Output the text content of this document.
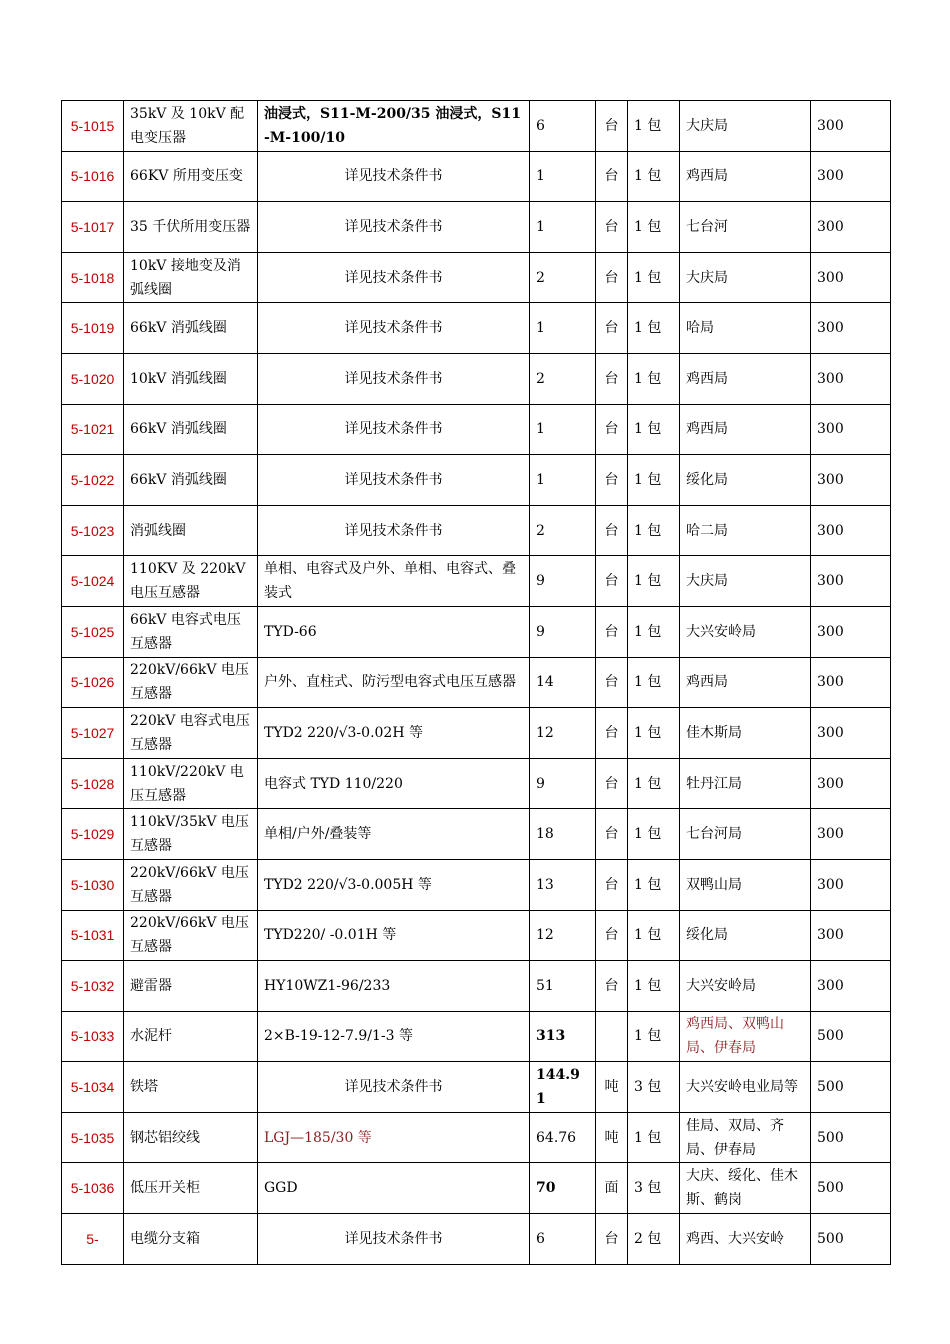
5-1015	35kV 及 10kV 配电变压器	油浸式，S11-M-200/35 油浸式，S11-M-100/10	6	台	1 包	大庆局	300
5-1016	66KV 所用变压变	详见技术条件书	1	台	1 包	鸡西局	300
5-1017	35 千伏所用变压器	详见技术条件书	1	台	1 包	七台河	300
5-1018	10kV 接地变及消弧线圈	详见技术条件书	2	台	1 包	大庆局	300
5-1019	66kV 消弧线圈	详见技术条件书	1	台	1 包	哈局	300
5-1020	10kV 消弧线圈	详见技术条件书	2	台	1 包	鸡西局	300
5-1021	66kV 消弧线圈	详见技术条件书	1	台	1 包	鸡西局	300
5-1022	66kV 消弧线圈	详见技术条件书	1	台	1 包	绥化局	300
5-1023	消弧线圈	详见技术条件书	2	台	1 包	哈二局	300
5-1024	110KV 及 220kV 电压互感器	单相、电容式及户外、单相、电容式、叠装式	9	台	1 包	大庆局	300
5-1025	66kV 电容式电压互感器	TYD-66	9	台	1 包	大兴安岭局	300
5-1026	220kV/66kV 电压互感器	户外、直柱式、防污型电容式电压互感器	14	台	1 包	鸡西局	300
5-1027	220kV 电容式电压互感器	TYD2 220/√3-0.02H 等	12	台	1 包	佳木斯局	300
5-1028	110kV/220kV 电压互感器	电容式 TYD 110/220	9	台	1 包	牡丹江局	300
5-1029	110kV/35kV 电压互感器	单相/户外/叠装等	18	台	1 包	七台河局	300
5-1030	220kV/66kV 电压互感器	TYD2 220/√3-0.005H 等	13	台	1 包	双鸭山局	300
5-1031	220kV/66kV 电压互感器	TYD220/ -0.01H 等	12	台	1 包	绥化局	300
5-1032	避雷器	HY10WZ1-96/233	51	台	1 包	大兴安岭局	300
5-1033	水泥杆	2×B-19-12-7.9/1-3 等	313		1 包	鸡西局、双鸭山局、伊春局	500
5-1034	铁塔	详见技术条件书	144.91	吨	3 包	大兴安岭电业局等	500
5-1035	钢芯铝绞线	LGJ—185/30 等	64.76	吨	1 包	佳局、双局、齐局、伊春局	500
5-1036	低压开关柜	GGD	70	面	3 包	大庆、绥化、佳木斯、鹤岗	500
5-	电缆分支箱	详见技术条件书	6	台	2 包	鸡西、大兴安岭	500
